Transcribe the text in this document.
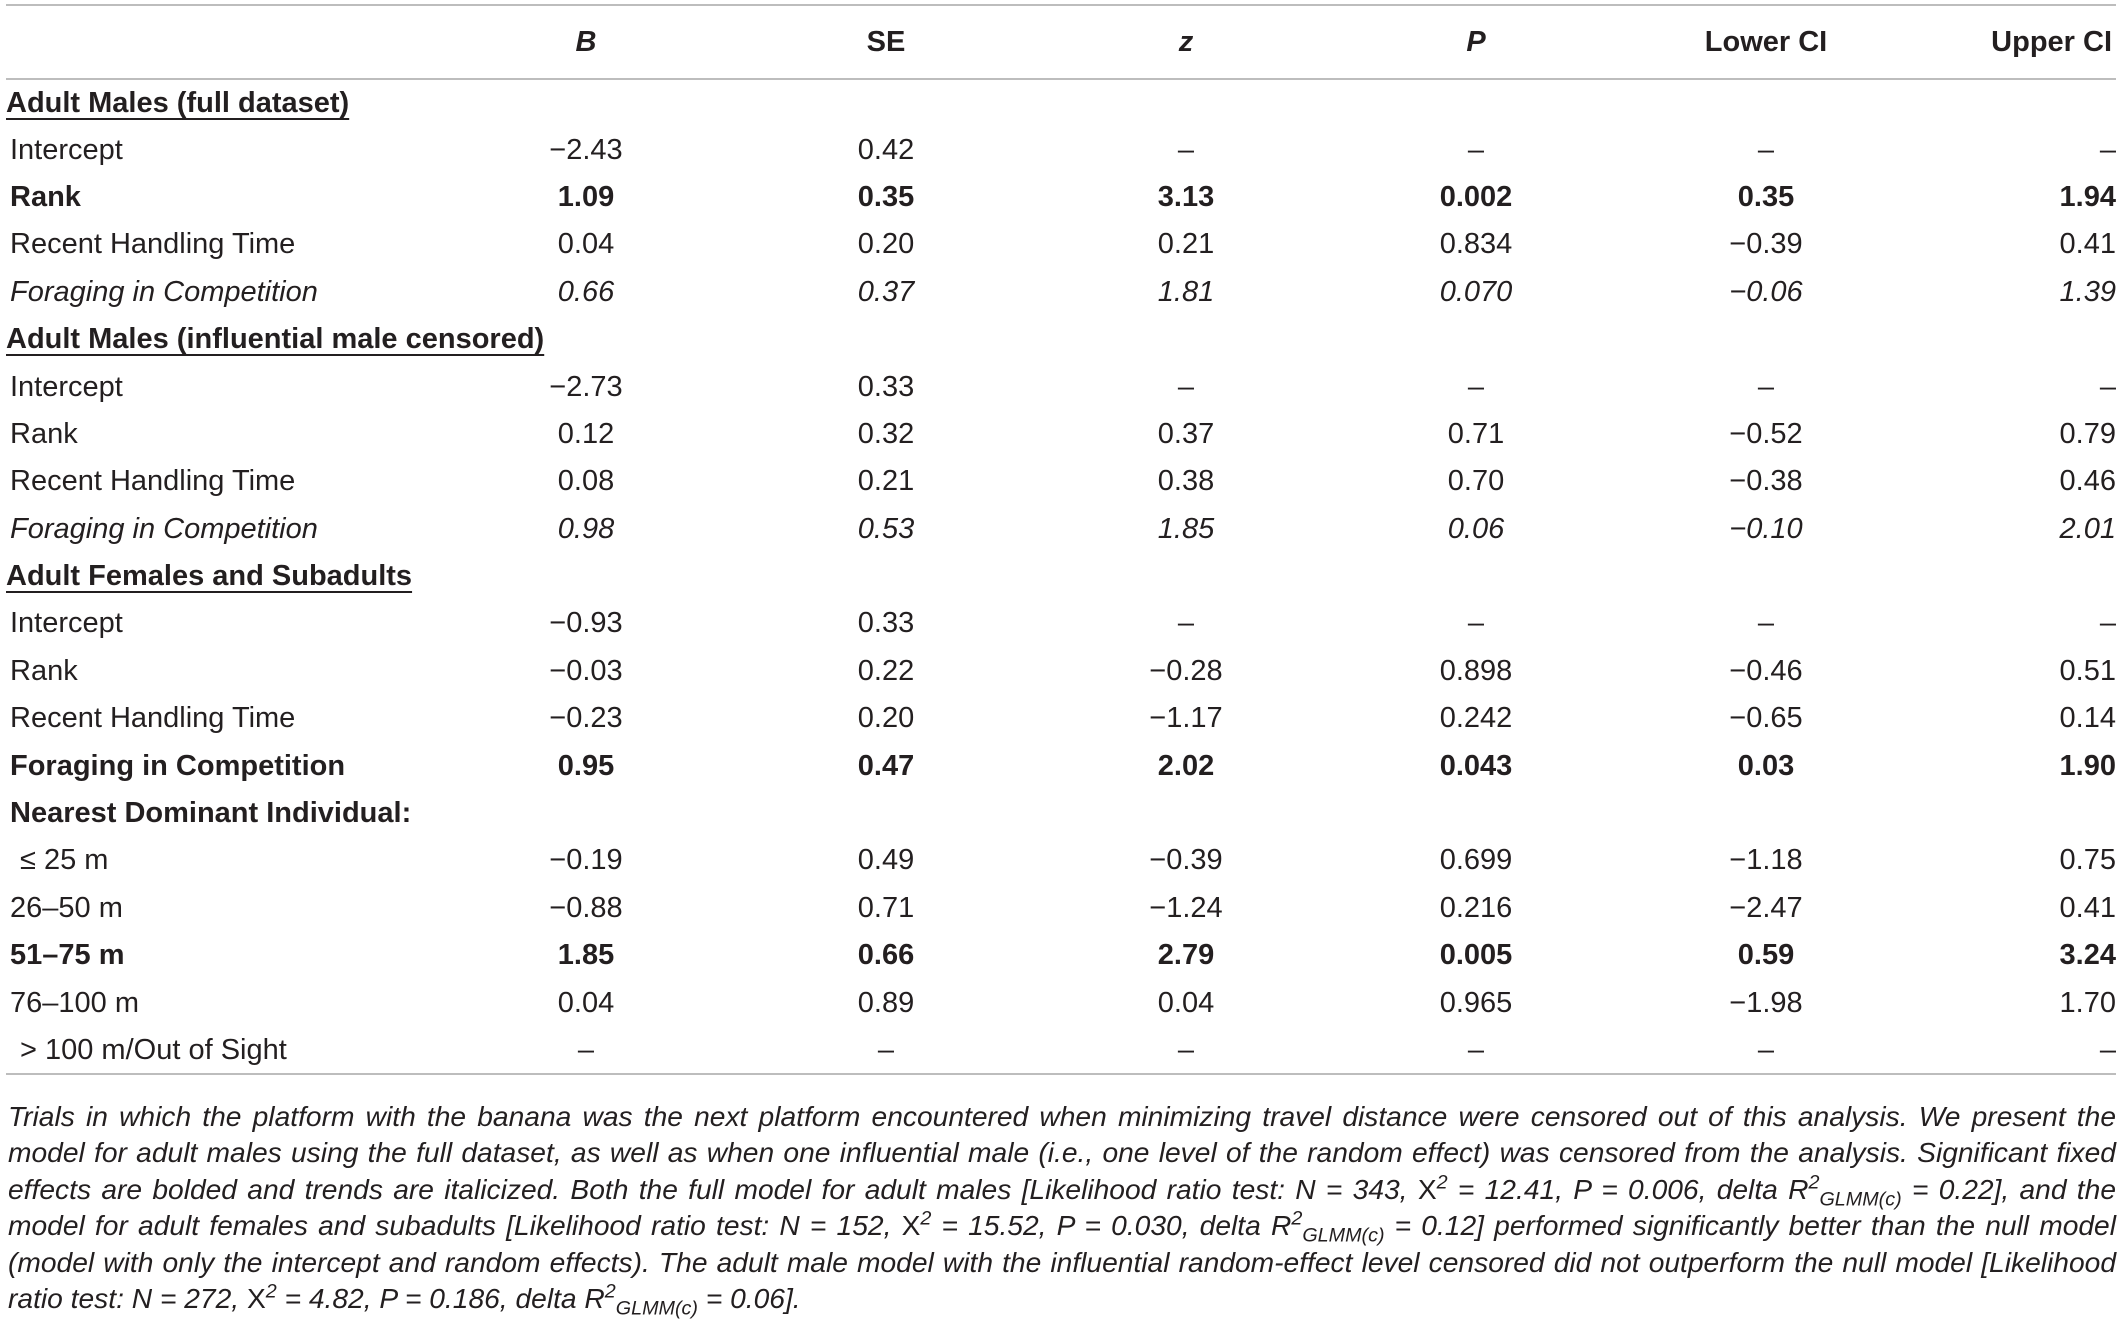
	B	SE	z	P	Lower CI	Upper CI
Adult Males (full dataset)						
Intercept	−2.43	0.42	–	–	–	–
Rank	1.09	0.35	3.13	0.002	0.35	1.94
Recent Handling Time	0.04	0.20	0.21	0.834	−0.39	0.41
Foraging in Competition	0.66	0.37	1.81	0.070	−0.06	1.39
Adult Males (influential male censored)						
Intercept	−2.73	0.33	–	–	–	–
Rank	0.12	0.32	0.37	0.71	−0.52	0.79
Recent Handling Time	0.08	0.21	0.38	0.70	−0.38	0.46
Foraging in Competition	0.98	0.53	1.85	0.06	−0.10	2.01
Adult Females and Subadults						
Intercept	−0.93	0.33	–	–	–	–
Rank	−0.03	0.22	−0.28	0.898	−0.46	0.51
Recent Handling Time	−0.23	0.20	−1.17	0.242	−0.65	0.14
Foraging in Competition	0.95	0.47	2.02	0.043	0.03	1.90
Nearest Dominant Individual:						
≤ 25 m	−0.19	0.49	−0.39	0.699	−1.18	0.75
26–50 m	−0.88	0.71	−1.24	0.216	−2.47	0.41
51–75 m	1.85	0.66	2.79	0.005	0.59	3.24
76–100 m	0.04	0.89	0.04	0.965	−1.98	1.70
> 100 m/Out of Sight	–	–	–	–	–	–
Trials in which the platform with the banana was the next platform encountered when minimizing travel distance were censored out of this analysis. We present the model for adult males using the full dataset, as well as when one influential male (i.e., one level of the random effect) was censored from the analysis. Significant fixed effects are bolded and trends are italicized. Both the full model for adult males [Likelihood ratio test: N = 343, $X^2 = 12.41$, P = 0.006, delta $R^2_{GLMM(c)} = 0.22$], and the model for adult females and subadults [Likelihood ratio test: N = 152, $X^2 = 15.52$, P = 0.030, delta $R^2_{GLMM(c)} = 0.12$] performed significantly better than the null model (model with only the intercept and random effects). The adult male model with the influential random-effect level censored did not outperform the null model [Likelihood ratio test: N = 272, $X^2 = 4.82$, P = 0.186, delta $R^2_{GLMM(c)} = 0.06$].
